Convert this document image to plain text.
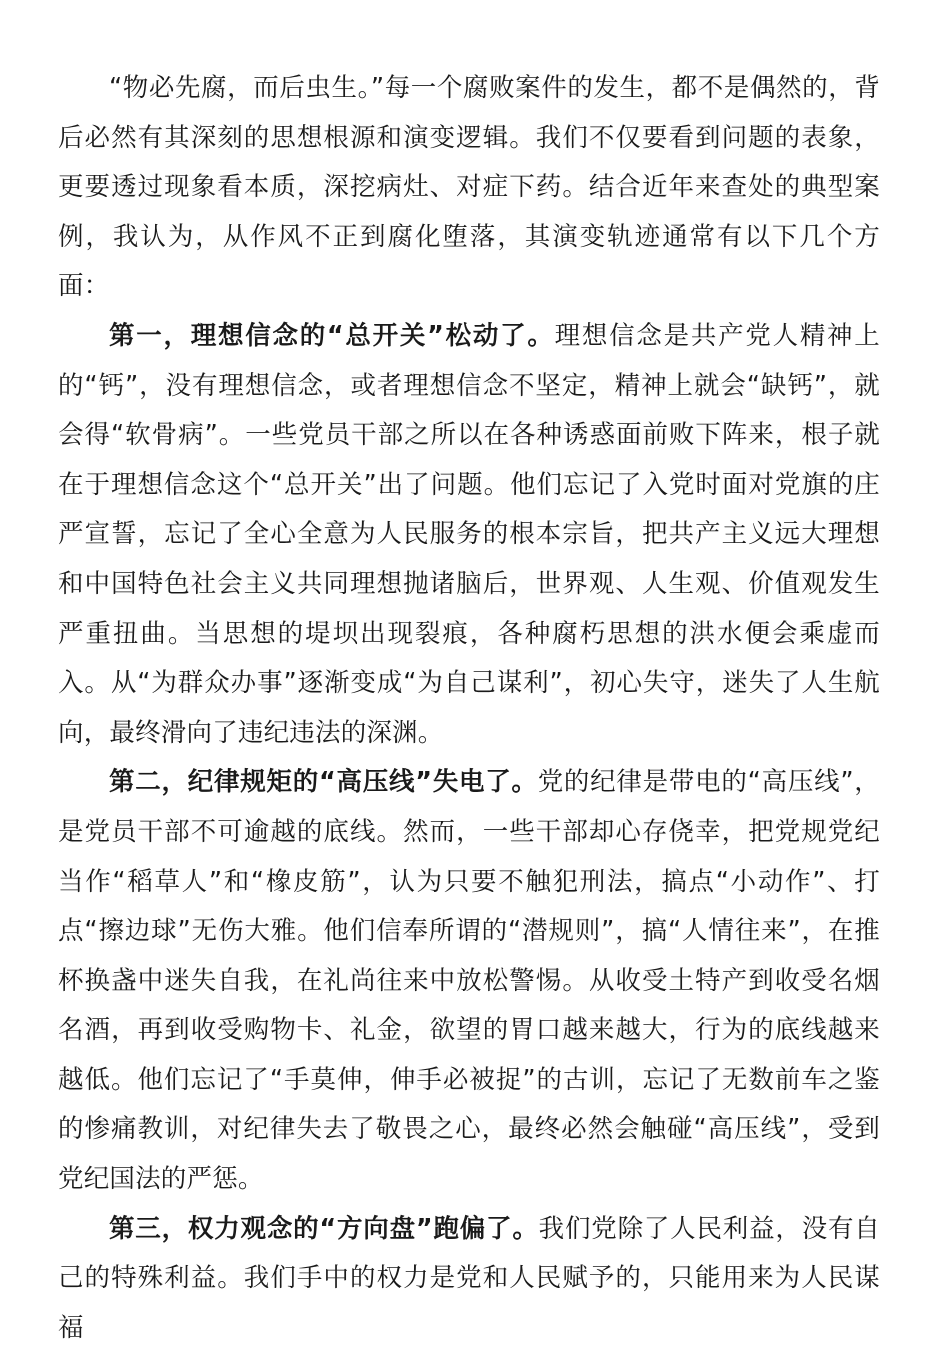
“物必先腐，而后虫生。”每一个腐败案件的发生，都不是偶然的，背后必然有其深刻的思想根源和演变逻辑。我们不仅要看到问题的表象，更要透过现象看本质，深挖病灶、对症下药。结合近年来查处的典型案例，我认为，从作风不正到腐化堕落，其演变轨迹通常有以下几个方面：

第一，理想信念的“总开关”松动了。理想信念是共产党人精神上的“钙”，没有理想信念，或者理想信念不坚定，精神上就会“缺钙”，就会得“软骨病”。一些党员干部之所以在各种诱惑面前败下阵来，根子就在于理想信念这个“总开关”出了问题。他们忘记了入党时面对党旗的庄严宣誓，忘记了全心全意为人民服务的根本宗旨，把共产主义远大理想和中国特色社会主义共同理想抛诸脑后，世界观、人生观、价值观发生严重扭曲。当思想的堤坝出现裂痕，各种腐朽思想的洪水便会乘虚而入。从“为群众办事”逐渐变成“为自己谋利”，初心失守，迷失了人生航向，最终滑向了违纪违法的深渊。

第二，纪律规矩的“高压线”失电了。党的纪律是带电的“高压线”，是党员干部不可逾越的底线。然而，一些干部却心存侥幸，把党规党纪当作“稻草人”和“橡皮筋”，认为只要不触犯刑法，搞点“小动作”、打点“擦边球”无伤大雅。他们信奉所谓的“潜规则”，搞“人情往来”，在推杯换盏中迷失自我，在礼尚往来中放松警惕。从收受土特产到收受名烟名酒，再到收受购物卡、礼金，欲望的胃口越来越大，行为的底线越来越低。他们忘记了“手莫伸，伸手必被捉”的古训，忘记了无数前车之鉴的惨痛教训，对纪律失去了敬畏之心，最终必然会触碰“高压线”，受到党纪国法的严惩。

第三，权力观念的“方向盘”跑偏了。我们党除了人民利益，没有自己的特殊利益。我们手中的权力是党和人民赋予的，只能用来为人民谋福
